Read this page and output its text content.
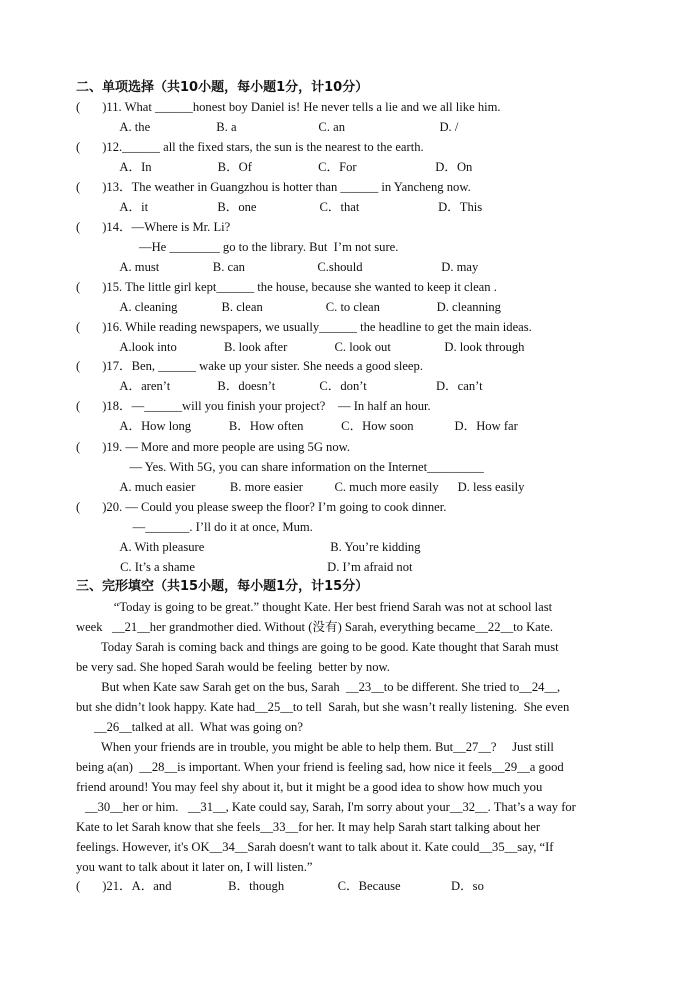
二、单项选择（共10小题，每小题1分，计10分）
(       )11. What ______honest boy Daniel is! He never tells a lie and we all like him.
A. the                     B. a                          C. an                              D. /
(       )12.______ all the fixed stars, the sun is the nearest to the earth.
A．In                     B．Of                     C．For                         D．On
(       )13．The weather in Guangzhou is hotter than ______ in Yancheng now.
A．it                      B．one                    C．that                         D．This
(       )14．—Where is Mr. Li?
—He ________ go to the library. But  I’m not sure.
A. must                 B. can                       C.should                         D. may
(       )15. The little girl kept______ the house, because she wanted to keep it clean .
A. cleaning              B. clean                    C. to clean                  D. cleanning
(       )16. While reading newspapers, we usually______ the headline to get the main ideas.
A.look into               B. look after               C. look out                 D. look through
(       )17．Ben, ______ wake up your sister. She needs a good sleep.
A．aren’t               B．doesn’t              C．don’t                      D．can’t
(       )18．—______will you finish your project?    — In half an hour.
A．How long            B．How often            C．How soon             D．How far
(       )19. — More and more people are using 5G now.
— Yes. With 5G, you can share information on the Internet_________
A. much easier           B. more easier          C. much more easily      D. less easily
(       )20. — Could you please sweep the floor? I’m going to cook dinner.
—_______. I’ll do it at once, Mum.
A. With pleasure                                        B. You’re kidding
C. It’s a shame                                          D. I’m afraid not
三、完形填空（共15小题，每小题1分，计15分）
“Today is going to be great.” thought Kate. Her best friend Sarah was not at school last
week   __21__her grandmother died. Without (没有) Sarah, everything became__22__to Kate.
Today Sarah is coming back and things are going to be good. Kate thought that Sarah must
be very sad. She hoped Sarah would be feeling  better by now.
But when Kate saw Sarah get on the bus, Sarah  __23__to be different. She tried to__24__,
but she didn’t look happy. Kate had__25__to tell  Sarah, but she wasn’t really listening.  She even
__26__talked at all.  What was going on?
When your friends are in trouble, you might be able to help them. But__27__?     Just still
being a(an)  __28__is important. When your friend is feeling sad, how nice it feels__29__a good
friend around! You may feel shy about it, but it might be a good idea to show how much you
__30__her or him.   __31__, Kate could say, Sarah, I'm sorry about your__32__. That’s a way for
Kate to let Sarah know that she feels__33__for her. It may help Sarah start talking about her
feelings. However, it's OK__34__Sarah doesn't want to talk about it. Kate could__35__say, “If
you want to talk about it later on, I will listen.”
(       )21．A．and                  B．though                 C．Because                D．so
